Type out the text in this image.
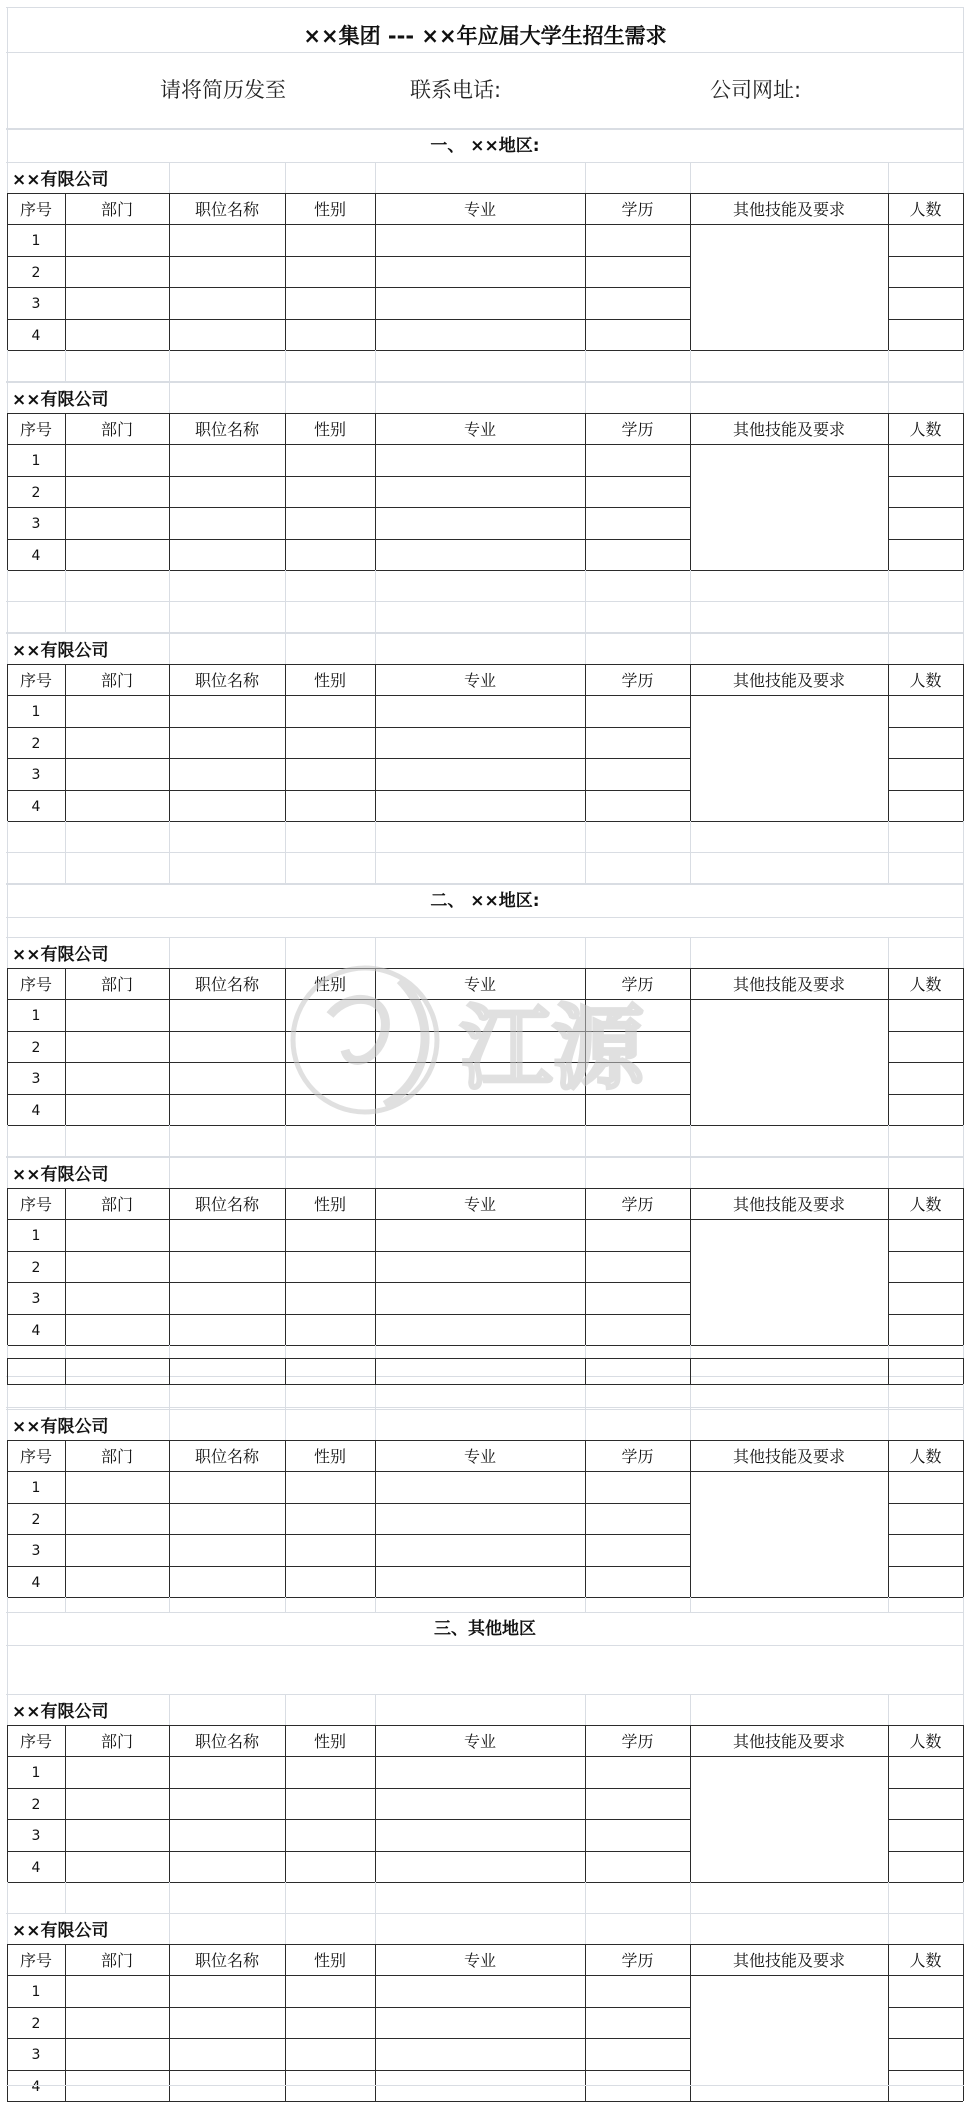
××集团 --- ××年应届大学生招生需求
请将简历发至	联系电话:	公司网址:
一、 ××地区:
××有限公司
序号	部门	职位名称	性别	专业	学历	其他技能及要求	人数
1
2
3
4
××有限公司
序号	部门	职位名称	性别	专业	学历	其他技能及要求	人数
1
2
3
4
××有限公司
序号	部门	职位名称	性别	专业	学历	其他技能及要求	人数
1
2
3
4
二、 ××地区:
××有限公司
序号	部门	职位名称	性别	专业	学历	其他技能及要求	人数
1
2
3
4
××有限公司
序号	部门	职位名称	性别	专业	学历	其他技能及要求	人数
1
2
3
4
××有限公司
序号	部门	职位名称	性别	专业	学历	其他技能及要求	人数
1
2
3
4
三、其他地区
××有限公司
序号	部门	职位名称	性别	专业	学历	其他技能及要求	人数
1
2
3
4
××有限公司
序号	部门	职位名称	性别	专业	学历	其他技能及要求	人数
1
2
3
4
江源
